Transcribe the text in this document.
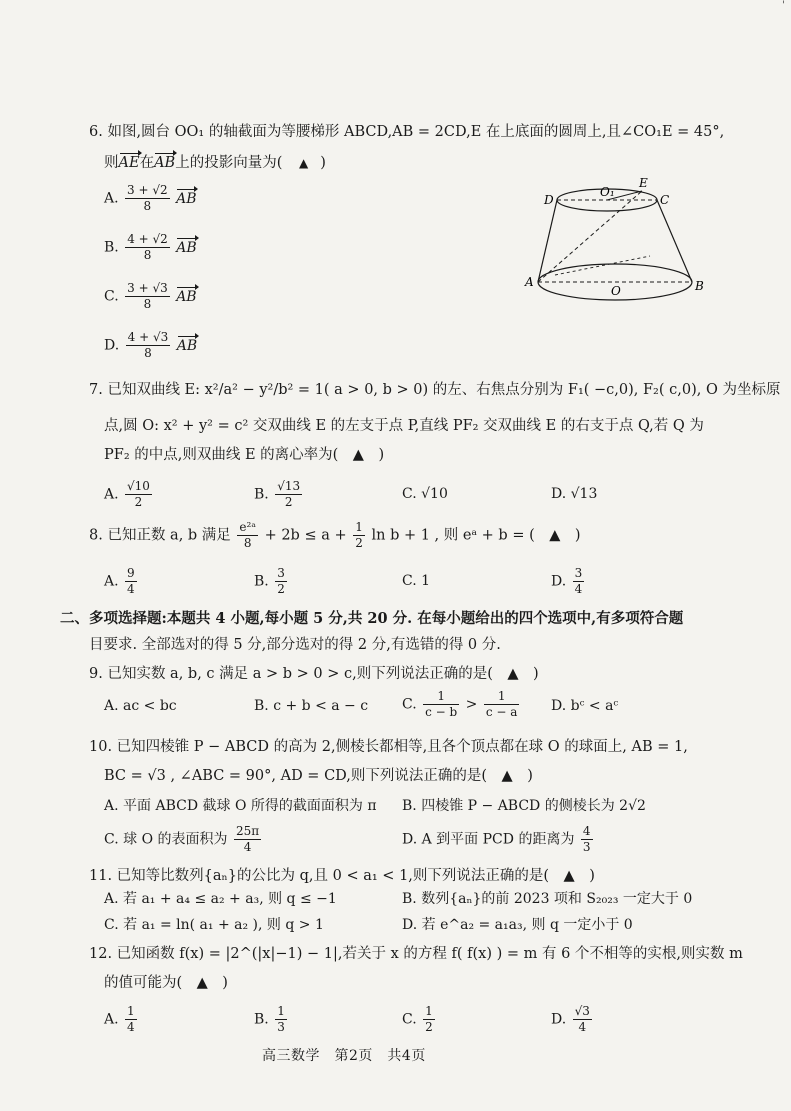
'
6. 如图,圆台 OO₁ 的轴截面为等腰梯形 ABCD,AB = 2CD,E 在上底面的圆周上,且∠CO₁E = 45°,
则AE在AB上的投影向量为( ▲ )
A. $\frac{3 + √2}{8}$ AB
B. $\frac{4 + √2}{8}$ AB
C. $\frac{3 + √3}{8}$ AB
D. $\frac{4 + √3}{8}$ AB
D
O₁
E
C
A
O	B
7. 已知双曲线 E: x²/a² − y²/b² = 1( a > 0, b > 0) 的左、右焦点分别为 F₁( −c,0), F₂( c,0), O 为坐标原
点,圆 O: x² + y² = c² 交双曲线 E 的左支于点 P,直线 PF₂ 交双曲线 E 的右支于点 Q,若 Q 为
PF₂ 的中点,则双曲线 E 的离心率为(　▲　)
A. $\frac{√10}{2}$	B. $\frac{√13}{2}$	C. √10	D. √13
8. 已知正数 a, b 满足 $\frac{\text{e²ᵃ}}{8} + 2b \le a + \frac{1}{2}$ ln b + 1 , 则 eᵃ + b = (　▲　)
A. $\frac{9}{4}$	B. $\frac{3}{2}$	C. 1	D. $\frac{3}{4}$
二、多项选择题:本题共 4 小题,每小题 5 分,共 20 分. 在每小题给出的四个选项中,有多项符合题
目要求. 全部选对的得 5 分,部分选对的得 2 分,有选错的得 0 分.
9. 已知实数 a, b, c 满足 a > b > 0 > c,则下列说法正确的是(　▲　)
A. ac < bc	B. c + b < a − c C. $\frac{1}{c - b} > \frac{1}{c - a} D$. bᶜ < aᶜ
10. 已知四棱锥 P − ABCD 的高为 2,侧棱长都相等,且各个顶点都在球 O 的球面上, AB = 1,
BC = √3 , ∠ABC = 90°, AD = CD,则下列说法正确的是(　▲　)
A. 平面 ABCD 截球 O 所得的截面面积为 π B. 四棱锥 P − ABCD 的侧棱长为 2√2
C. 球 O 的表面积为 $\frac{25\pi}{4}$	D. A 到平面 PCD 的距离为 $\frac{4}{3}$
11. 已知等比数列{aₙ}的公比为 q,且 0 < a₁ < 1,则下列说法正确的是(　▲　)
A. 若 a₁ + a₄ ≤ a₂ + a₃, 则 q ≤ −1	B. 数列{aₙ}的前 2023 项和 S₂₀₂₃ 一定大于 0
C. 若 a₁ = ln( a₁ + a₂ ), 则 q > 1	D. 若 e^a₂ = a₁a₃, 则 q 一定小于 0
12. 已知函数 f(x) = |2^(|x|−1) − 1|,若关于 x 的方程 f( f(x) ) = m 有 6 个不相等的实根,则实数 m
的值可能为(　▲　)
A. $\frac{1}{4}$	B. $\frac{1}{3}$	C. $\frac{1}{2}$	D. $\frac{√3}{4}$
高三数学　第2页　共4页
